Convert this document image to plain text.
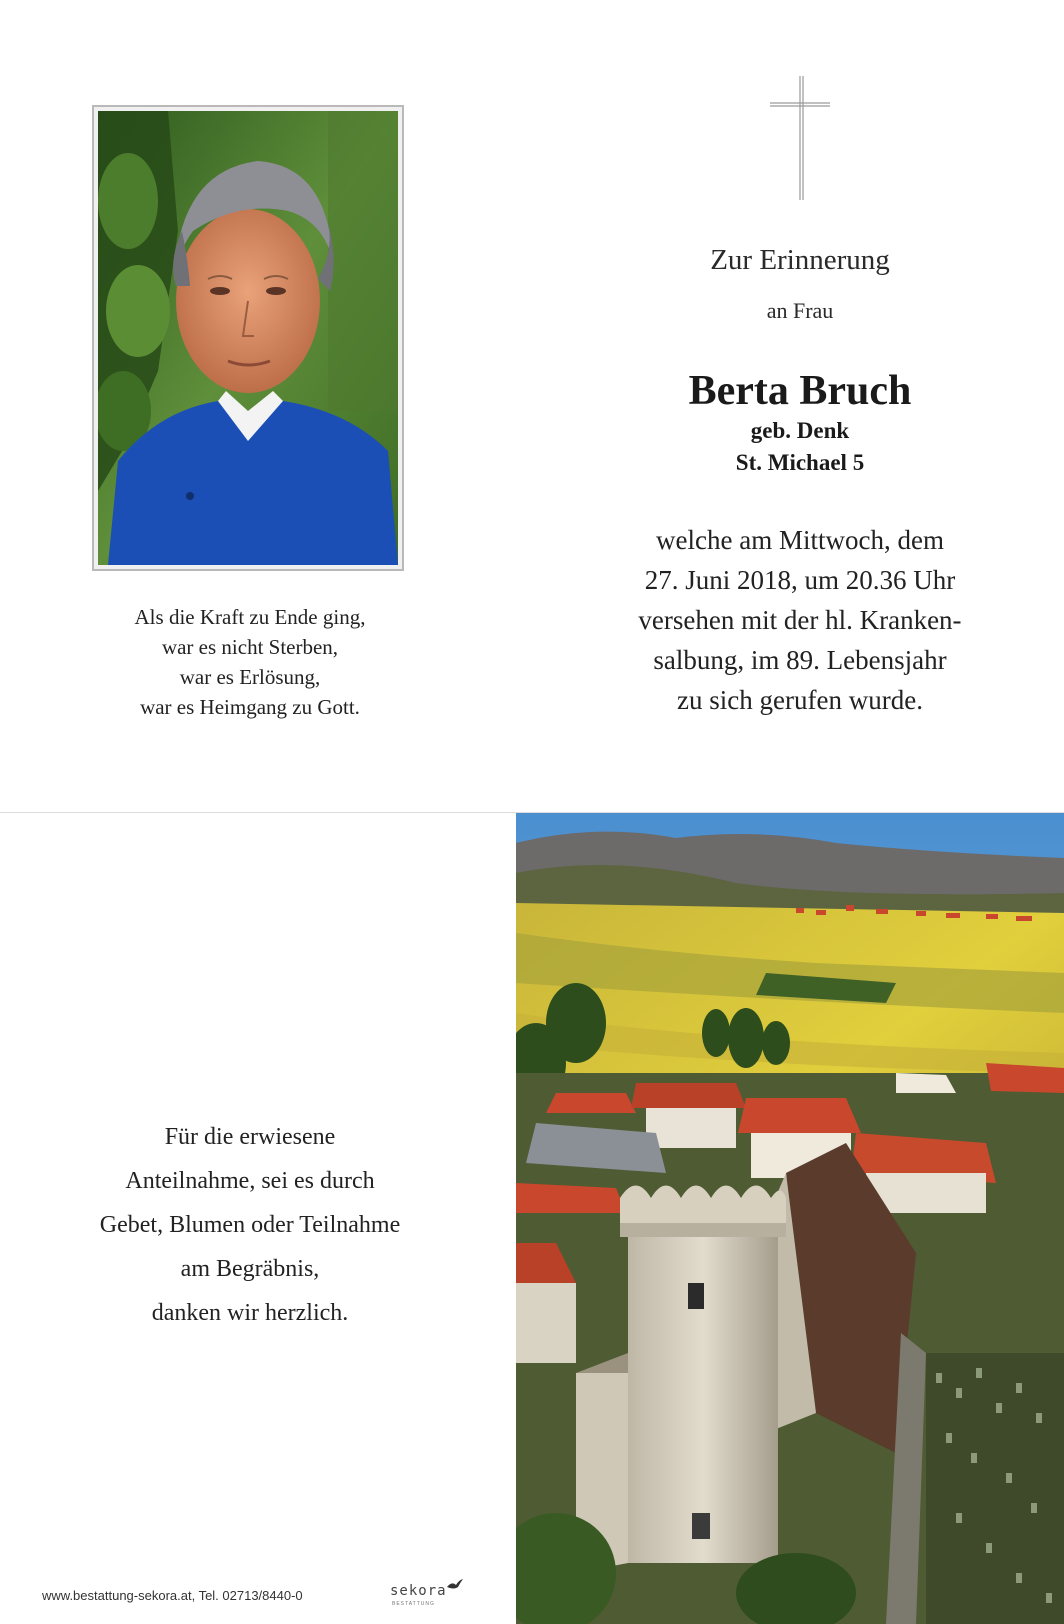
Als die Kraft zu Ende ging,
war es nicht Sterben,
war es Erlösung,
war es Heimgang zu Gott.
Zur Erinnerung
an Frau
Berta Bruch
geb. Denk
St. Michael 5
welche am Mittwoch, dem
27. Juni 2018, um 20.36 Uhr
versehen mit der hl. Kranken-
salbung, im 89. Lebensjahr
zu sich gerufen wurde.
Für die erwiesene
Anteilnahme, sei es durch
Gebet, Blumen oder Teilnahme
am Begräbnis,
danken wir herzlich.
www.bestattung-sekora.at, Tel. 02713/8440-0	sekora
BESTATTUNG
